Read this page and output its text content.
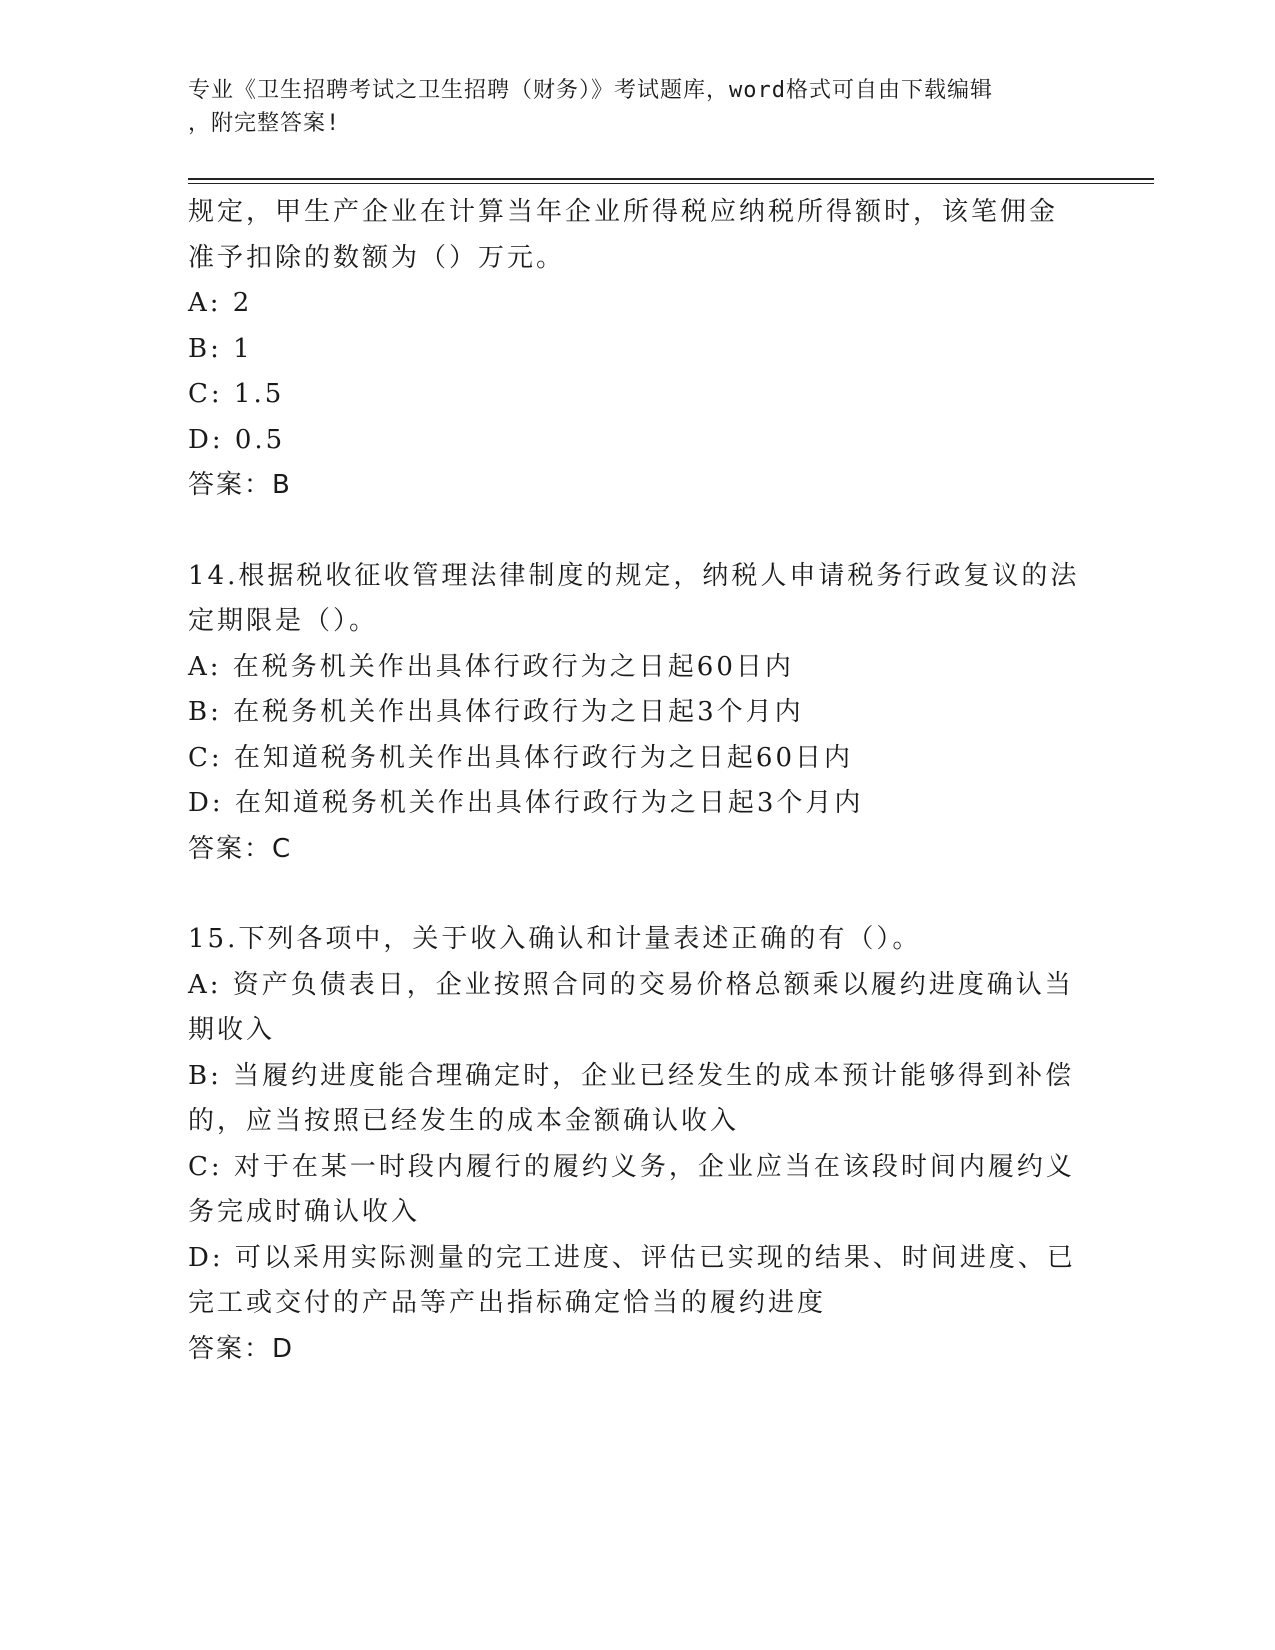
专业《卫生招聘考试之卫生招聘（财务）》考试题库，word格式可自由下载编辑
，附完整答案!

规定，甲生产企业在计算当年企业所得税应纳税所得额时，该笔佣金

准予扣除的数额为（）万元。

A: 2

B: 1

C: 1.5

D: 0.5

答案：B

14.根据税收征收管理法律制度的规定，纳税人申请税务行政复议的法

定期限是（）。

A: 在税务机关作出具体行政行为之日起60日内

B: 在税务机关作出具体行政行为之日起3个月内

C: 在知道税务机关作出具体行政行为之日起60日内

D: 在知道税务机关作出具体行政行为之日起3个月内

答案：C

15.下列各项中，关于收入确认和计量表述正确的有（）。

A: 资产负债表日，企业按照合同的交易价格总额乘以履约进度确认当

期收入

B: 当履约进度能合理确定时，企业已经发生的成本预计能够得到补偿

的，应当按照已经发生的成本金额确认收入

C: 对于在某一时段内履行的履约义务，企业应当在该段时间内履约义

务完成时确认收入

D: 可以采用实际测量的完工进度、评估已实现的结果、时间进度、已

完工或交付的产品等产出指标确定恰当的履约进度

答案：D
